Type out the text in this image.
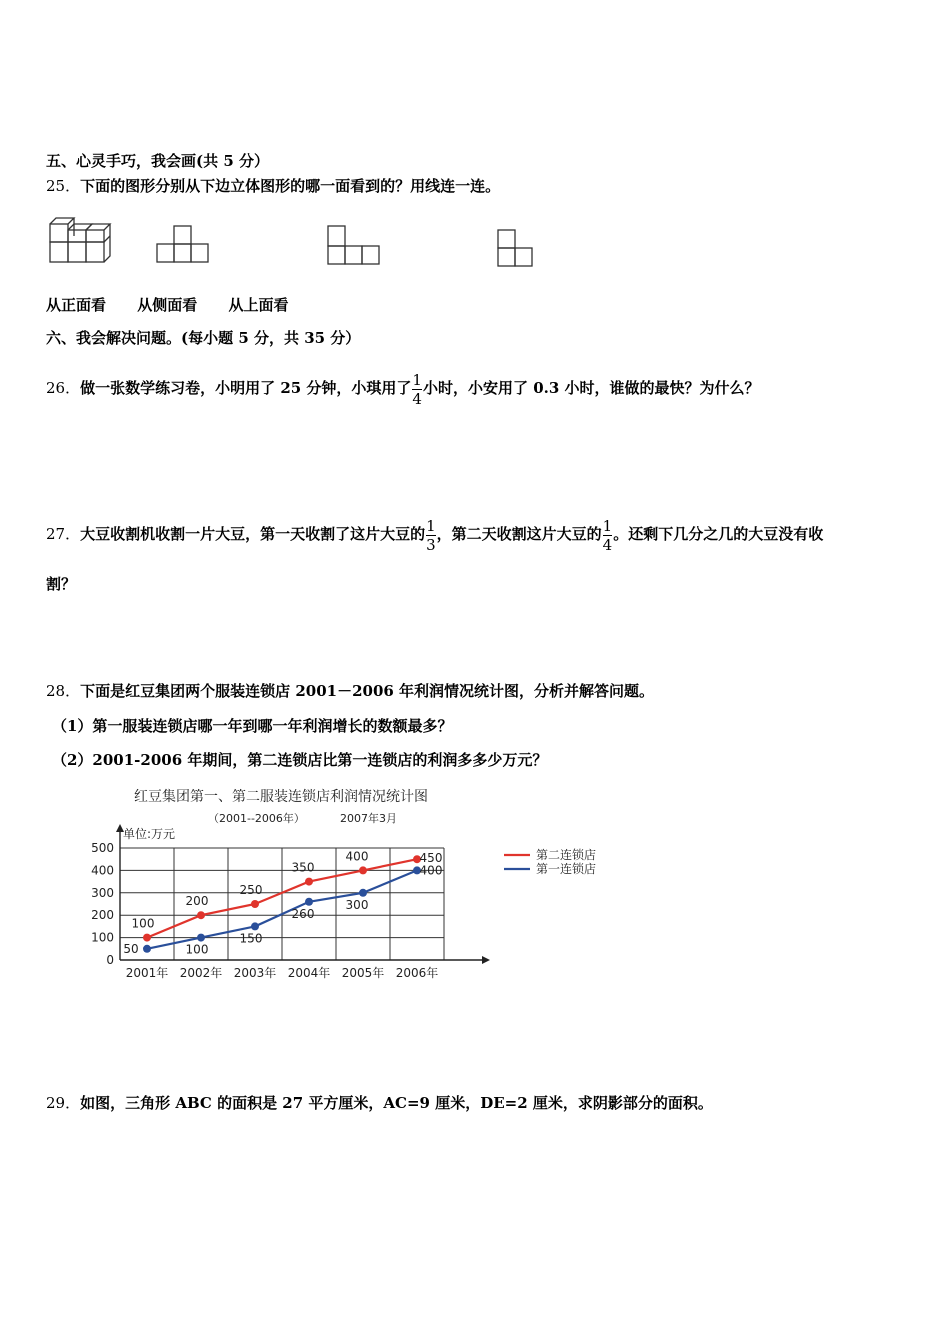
五、心灵手巧，我会画(共 5 分）
25．下面的图形分别从下边立体图形的哪一面看到的？用线连一连。
从正面看 从侧面看 从上面看
六、我会解决问题。(每小题 5 分，共 35 分）
26．做一张数学练习卷，小明用了 25 分钟，小琪用了 $\frac{1}{4}$ 小时，小安用了 0.3 小时，谁做的最快？为什么？
27．大豆收割机收割一片大豆，第一天收割了这片大豆的 $\frac{1}{3}$ ，第二天收割这片大豆的 $\frac{1}{4}$ 。还剩下几分之几的大豆没有收
割？
28．下面是红豆集团两个服装连锁店 2001－2006 年利润情况统计图，分析并解答问题。
（1）第一服装连锁店哪一年到哪一年利润增长的数额最多？
（2）2001-2006 年期间，第二连锁店比第一连锁店的利润多多少万元？
红豆集团第一、第二服装连锁店利润情况统计图
（2001--2006年）	2007年3月
单位:万元
0
100
200
300
400
500
2001年 2002年 2003年 2004年 2005年 2006年
100
200
250
350
400	450
50	100
150
260
300
400
第二连锁店
第一连锁店
29．如图，三角形 ABC 的面积是 27 平方厘米，AC=9 厘米，DE=2 厘米，求阴影部分的面积。
